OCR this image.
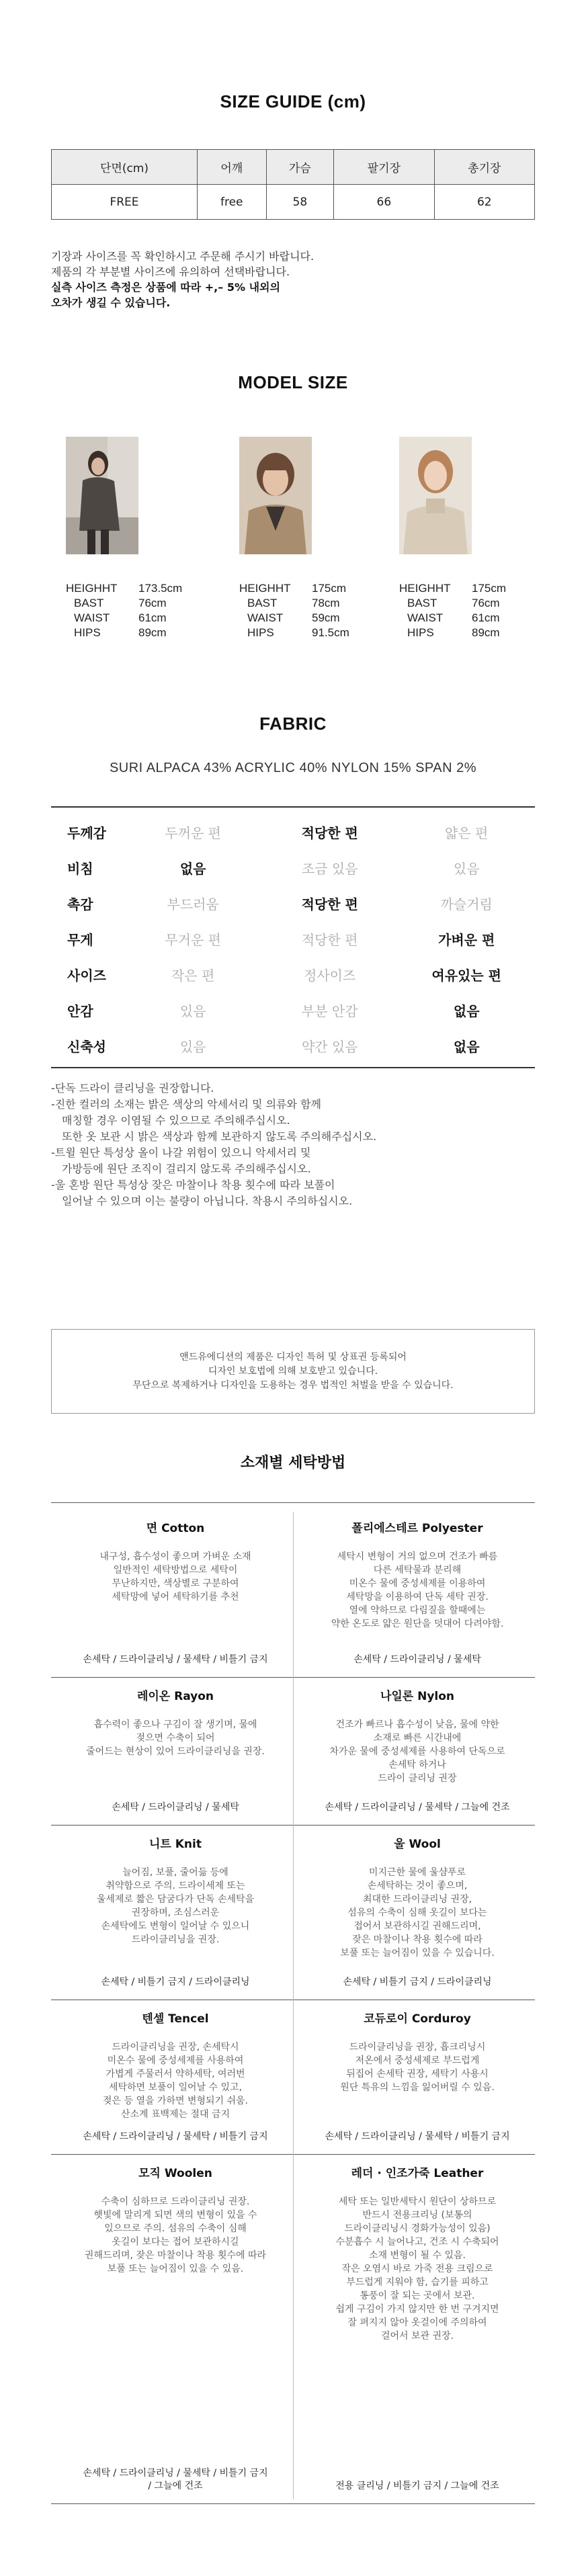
SIZE GUIDE (cm)
단면(cm)	어깨	가슴	팔기장	총기장
FREE	free	58	66	62
기장과 사이즈를 꼭 확인하시고 주문해 주시기 바랍니다.
제품의 각 부분별 사이즈에 유의하여 선택바랍니다.
실측 사이즈 측정은 상품에 따라 +,– 5% 내외의
오차가 생길 수 있습니다.
MODEL SIZE
HEIGHHT	173.5cm
BAST	76cm
WAIST	61cm
HIPS	89cm
HEIGHHT	175cm
BAST	78cm
WAIST	59cm
HIPS	91.5cm
HEIGHHT	175cm
BAST	76cm
WAIST	61cm
HIPS	89cm
FABRIC
SURI ALPACA 43% ACRYLIC 40% NYLON 15% SPAN 2%
두께감	두꺼운 편	적당한 편	얇은 편
비침	없음	조금 있음	있음
촉감	부드러움	적당한 편	까슬거림
무게	무거운 편	적당한 편	가벼운 편
사이즈	작은 편	정사이즈	여유있는 편
안감	있음	부분 안감	없음
신축성	있음	약간 있음	없음
-단독 드라이 클리닝을 권장합니다.
-진한 컬러의 소재는 밝은 색상의 악세서리 및 의류와 함께
매칭할 경우 이염될 수 있으므로 주의해주십시오.
또한 옷 보관 시 밝은 색상과 함께 보관하지 않도록 주의해주십시오.
-트윌 원단 특성상 올이 나갈 위험이 있으니 악세서리 및
가방등에 원단 조직이 걸리지 않도록 주의해주십시오.
-울 혼방 원단 특성상 잦은 마찰이나 착용 횟수에 따라 보풀이
일어날 수 있으며 이는 불량이 아닙니다. 착용시 주의하십시오.
앤드유에디션의 제품은 디자인 특허 및 상표권 등록되어
디자인 보호법에 의해 보호받고 있습니다.
무단으로 복제하거나 디자인을 도용하는 경우 법적인 처벌을 받을 수 있습니다.
소재별 세탁방법
면 Cotton
내구성, 흡수성이 좋으며 가벼운 소재
일반적인 세탁방법으로 세탁이
무난하지만, 색상별로 구분하여
세탁망에 넣어 세탁하기를 추천
손세탁 / 드라이클리닝 / 물세탁 / 비틀기 금지
폴리에스테르 Polyester
세탁시 변형이 거의 없으며 건조가 빠름
다른 세탁물과 분리해
미온수 물에 중성세제를 이용하여
세탁망을 이용하여 단독 세탁 권장.
열에 약하므로 다림질을 할때에는
약한 온도로 얇은 원단을 덧대어 다려야함.
손세탁 / 드라이클리닝 / 물세탁
레이온 Rayon
흡수력이 좋으나 구김이 잘 생기며, 물에
젖으면 수축이 되어
줄어드는 현상이 있어 드라이클리닝을 권장.
손세탁 / 드라이클리닝 / 물세탁
나일론 Nylon
건조가 빠르나 흡수성이 낮음, 물에 약한
소재로 빠른 시간내에
차가운 물에 중성세제를 사용하여 단독으로
손세탁 하거나
드라이 클리닝 권장
손세탁 / 드라이클리닝 / 물세탁 / 그늘에 건조
니트 Knit
늘어짐, 보풀, 줄어듦 등에
취약함으로 주의. 드라이세제 또는
울세제로 짧은 담굼다가 단독 손세탁을
권장하며, 조심스러운
손세탁에도 변형이 일어날 수 있으니
드라이클리닝을 권장.
손세탁 / 비틀기 금지 / 드라이클리닝
울 Wool
미지근한 물에 울샴푸로
손세탁하는 것이 좋으며,
최대한 드라이클리닝 권장,
섬유의 수축이 심해 옷길이 보다는
접어서 보관하시길 권해드리며,
잦은 마찰이나 착용 횟수에 따라
보풀 또는 늘어짐이 있을 수 있습니다.
손세탁 / 비틀기 금지 / 드라이클리닝
텐셀 Tencel
드라이클리닝을 권장, 손세탁시
미온수 물에 중성세제를 사용하여
가볍게 주물러서 약하세탁, 여러번
세탁하면 보풀이 일어날 수 있고,
젖은 등 열을 가하면 변형되기 쉬움.
산소계 표백제는 절대 금지
손세탁 / 드라이클리닝 / 물세탁 / 비틀기 금지
코듀로이 Corduroy
드라이클리닝을 권장, 흡크리닝시
저온에서 중성세제로 부드럽게
뒤집어 손세탁 권장, 세탁기 사용시
원단 특유의 느낌을 잃어버릴 수 있음.
손세탁 / 드라이클리닝 / 물세탁 / 비틀기 금지
모직 Woolen
수축이 심하므로 드라이클리닝 권장.
햇빛에 말리게 되면 색의 변형이 있을 수
있으므로 주의. 섬유의 수축이 심해
옷길이 보다는 접어 보관하시길
권해드리며, 잦은 마찰이나 착용 횟수에 따라
보풀 또는 늘어짐이 있을 수 있음.
손세탁 / 드라이클리닝 / 물세탁 / 비틀기 금지
/ 그늘에 건조
레더 · 인조가죽 Leather
세탁 또는 일반세탁시 원단이 상하므로
반드시 전용크리닝 (보통의
드라이클리닝시 경화가능성이 있음)
수분흡수 시 늘어나고, 건조 시 수축되어
소재 변형이 될 수 있음.
작은 오염시 바로 가죽 전용 크림으로
부드럽게 지워야 함, 습기를 피하고
통풍이 잘 되는 곳에서 보관.
쉽게 구김이 가지 않지만 한 번 구겨지면
잘 펴지지 않아 옷걸이에 주의하여
걸어서 보관 권장.
전용 클리닝 / 비틀기 금지 / 그늘에 건조
